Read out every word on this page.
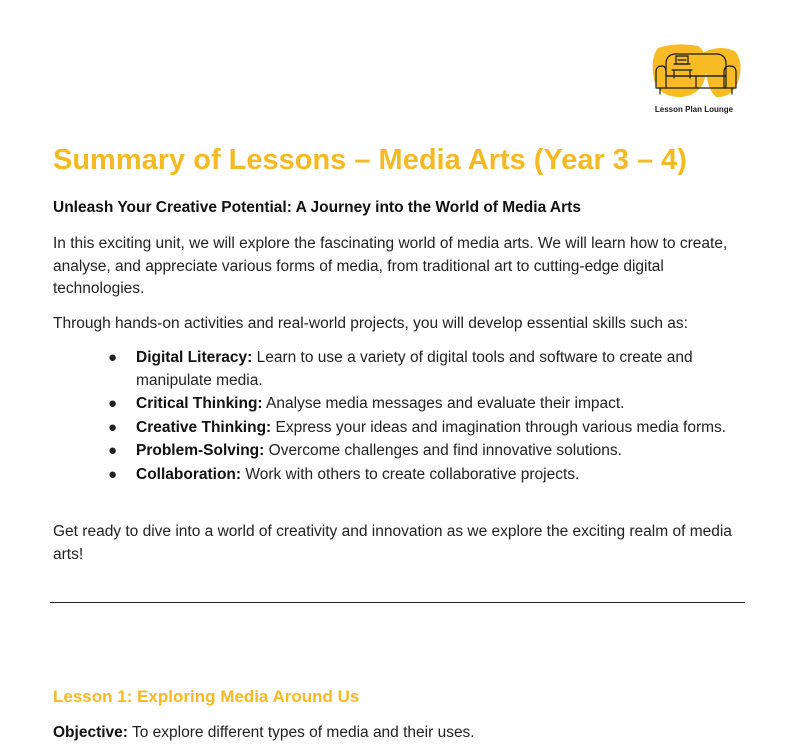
Lesson Plan Lounge
Summary of Lessons – Media Arts (Year 3 – 4)

Unleash Your Creative Potential: A Journey into the World of Media Arts

In this exciting unit, we will explore the fascinating world of media arts. We will learn how to create, analyse, and appreciate various forms of media, from traditional art to cutting-edge digital technologies.

Through hands-on activities and real-world projects, you will develop essential skills such as:

● Digital Literacy: Learn to use a variety of digital tools and software to create and manipulate media.
● Critical Thinking: Analyse media messages and evaluate their impact.
● Creative Thinking: Express your ideas and imagination through various media forms.
● Problem-Solving: Overcome challenges and find innovative solutions.
● Collaboration: Work with others to create collaborative projects.

Get ready to dive into a world of creativity and innovation as we explore the exciting realm of media arts!

Lesson 1: Exploring Media Around Us

Objective: To explore different types of media and their uses.
